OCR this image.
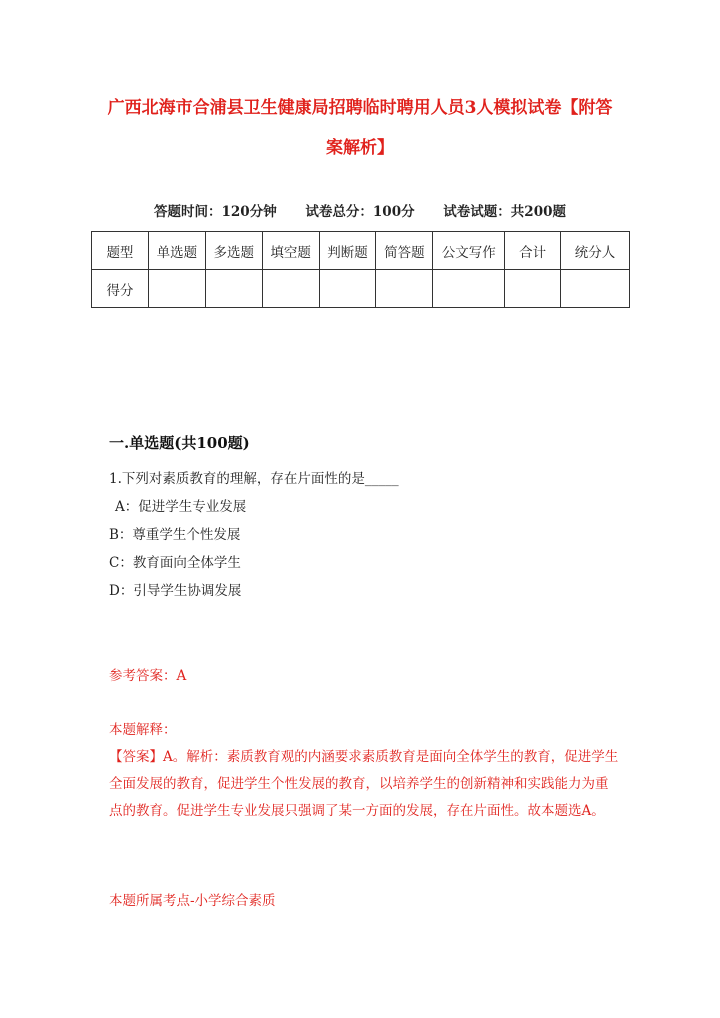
广西北海市合浦县卫生健康局招聘临时聘用人员3人模拟试卷【附答案解析】
答题时间：120分钟 试卷总分：100分 试卷试题：共200题
题型	单选题	多选题	填空题	判断题	简答题	公文写作	合计	统分人
得分								
一.单选题(共100题)
1.下列对素质教育的理解，存在片面性的是_____
A：促进学生专业发展
B：尊重学生个性发展
C：教育面向全体学生
D：引导学生协调发展
参考答案：A
本题解释：
【答案】A。解析：素质教育观的内涵要求素质教育是面向全体学生的教育，促进学生全面发展的教育，促进学生个性发展的教育，以培养学生的创新精神和实践能力为重点的教育。促进学生专业发展只强调了某一方面的发展，存在片面性。故本题选A。
本题所属考点-小学综合素质
